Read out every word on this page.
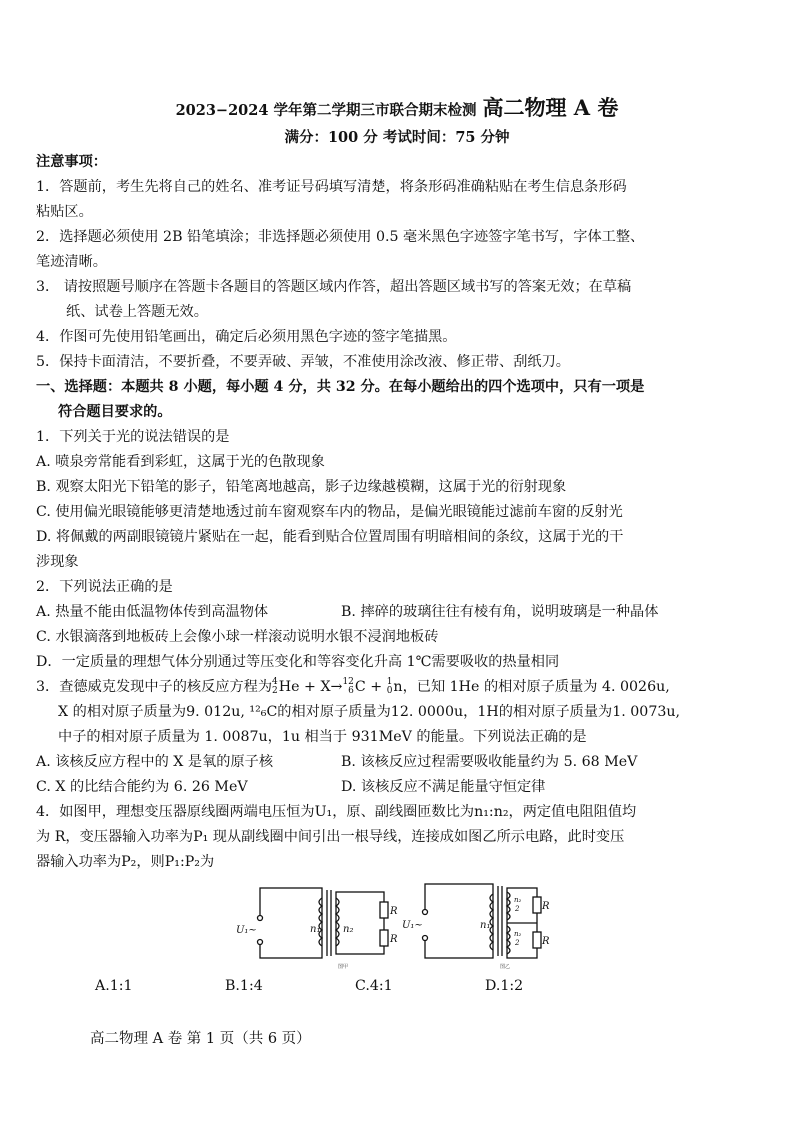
2023−2024 学年第二学期三市联合期末检测 高二物理 A 卷
满分：100 分 考试时间：75 分钟

注意事项：

1．答题前，考生先将自己的姓名、准考证号码填写清楚，将条形码准确粘贴在考生信息条形码

粘贴区。

2．选择题必须使用 2B 铅笔填涂；非选择题必须使用 0.5 毫米黑色字迹签字笔书写，字体工整、

笔迹清晰。

3． 请按照题号顺序在答题卡各题目的答题区域内作答，超出答题区域书写的答案无效；在草稿

纸、试卷上答题无效。

4．作图可先使用铅笔画出，确定后必须用黑色字迹的签字笔描黑。

5．保持卡面清洁，不要折叠，不要弄破、弄皱，不准使用涂改液、修正带、刮纸刀。

一、选择题：本题共 8 小题，每小题 4 分，共 32 分。在每小题给出的四个选项中，只有一项是

符合题目要求的。

1．下列关于光的说法错误的是

A. 喷泉旁常能看到彩虹，这属于光的色散现象

B. 观察太阳光下铅笔的影子，铅笔离地越高，影子边缘越模糊，这属于光的衍射现象

C. 使用偏光眼镜能够更清楚地透过前车窗观察车内的物品，是偏光眼镜能过滤前车窗的反射光

D. 将佩戴的两副眼镜镜片紧贴在一起，能看到贴合位置周围有明暗相间的条纹，这属于光的干

涉现象

2．下列说法正确的是

A. 热量不能由低温物体传到高温物体	B. 摔碎的玻璃往往有棱有角，说明玻璃是一种晶体

C. 水银滴落到地板砖上会像小球一样滚动说明水银不浸润地板砖

D．一定质量的理想气体分别通过等压变化和等容变化升高 1℃需要吸收的热量相同

3．查德威克发现中子的核反应方程为 4
2 He + X→ 12
6 C + 1
0 n，已知 1He 的相对原子质量为 4. 0026u,

X 的相对原子质量为9. 012u, ¹²₆C的相对原子质量为12. 0000u，1H的相对原子质量为1. 0073u,

中子的相对原子质量为 1. 0087u，1u 相当于 931MeV 的能量。下列说法正确的是

A. 该核反应方程中的 X 是氧的原子核	B. 该核反应过程需要吸收能量约为 5. 68 MeV

C. X 的比结合能约为 6. 26 MeV	D. 该核反应不满足能量守恒定律

4．如图甲，理想变压器原线圈两端电压恒为U₁，原、副线圈匝数比为n₁:n₂，两定值电阻阻值均

为 R，变压器输入功率为P₁ 现从副线圈中间引出一根导线，连接成如图乙所示电路，此时变压

器输入功率为P₂，则P₁:P₂为

U₁~	n₁ n₂
R
R
U₁~	n₁
n₂
2
n₂
2
R
R
图甲	图乙
A.1:1	B.1:4	C.4:1	D.1:2
高二物理 A 卷 第 1 页（共 6 页）
